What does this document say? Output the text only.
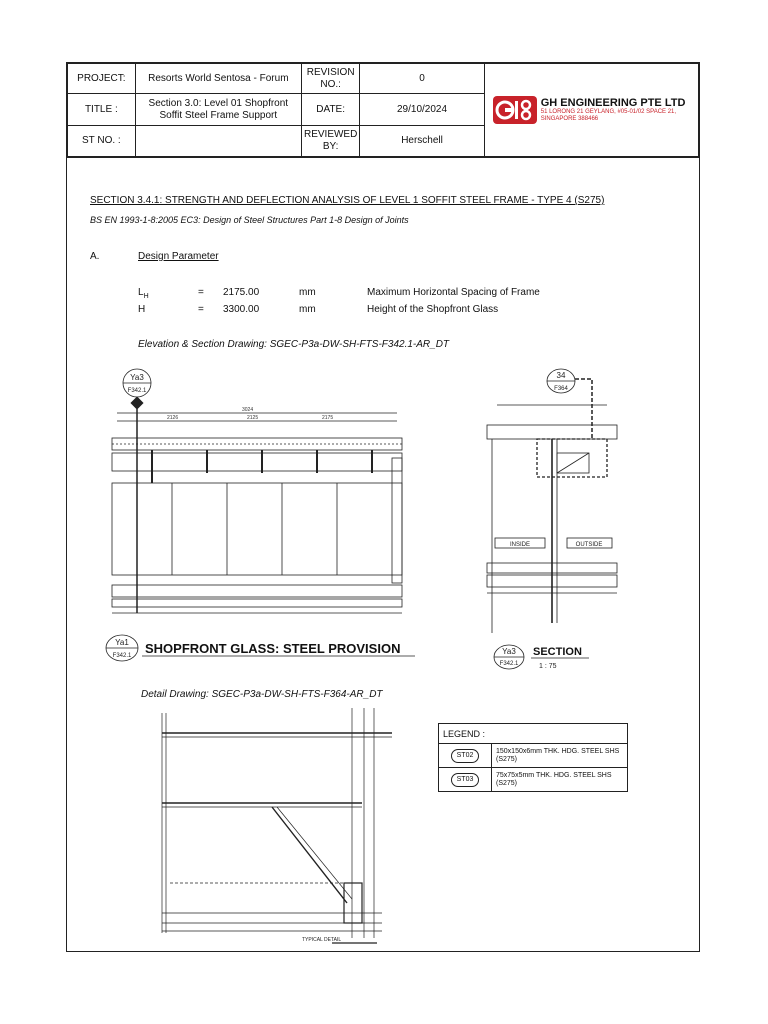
PROJECT:	Resorts World Sentosa - Forum	REVISION NO.:	0	GH ENGINEERING PTE LTD
51 LORONG 21 GEYLANG, #05-01/02 SPACE 21,
SINGAPORE 388466

TITLE :	Section 3.0: Level 01 Shopfront Soffit Steel Frame Support	DATE:	29/10/2024	
ST NO. :		REVIEWED BY:	Herschell	
SECTION 3.4.1: STRENGTH AND DEFLECTION ANALYSIS OF LEVEL 1 SOFFIT STEEL FRAME - TYPE 4 (S275)
BS EN 1993-1-8:2005 EC3: Design of Steel Structures Part 1-8 Design of Joints
A.	Design Parameter
$L_H$	= 2175.00	mm	Maximum Horizontal Spacing of Frame
H	= 3300.00	mm	Height of the Shopfront Glass
Elevation & Section Drawing: SGEC-P3a-DW-SH-FTS-F342.1-AR_DT
3024
2126	2125	2175
Ya3
F342.1
Ya1
F342.1 SHOPFRONT GLASS: STEEL PROVISION
34
F364
INSIDE	OUTSIDE
Ya3
F342.1
SECTION
1 : 75
Detail Drawing: SGEC-P3a-DW-SH-FTS-F364-AR_DT
TYPICAL DETAIL
LEGEND :	
ST02	150x150x6mm THK. HDG. STEEL SHS (S275)
ST03	75x75x5mm THK. HDG. STEEL SHS (S275)
